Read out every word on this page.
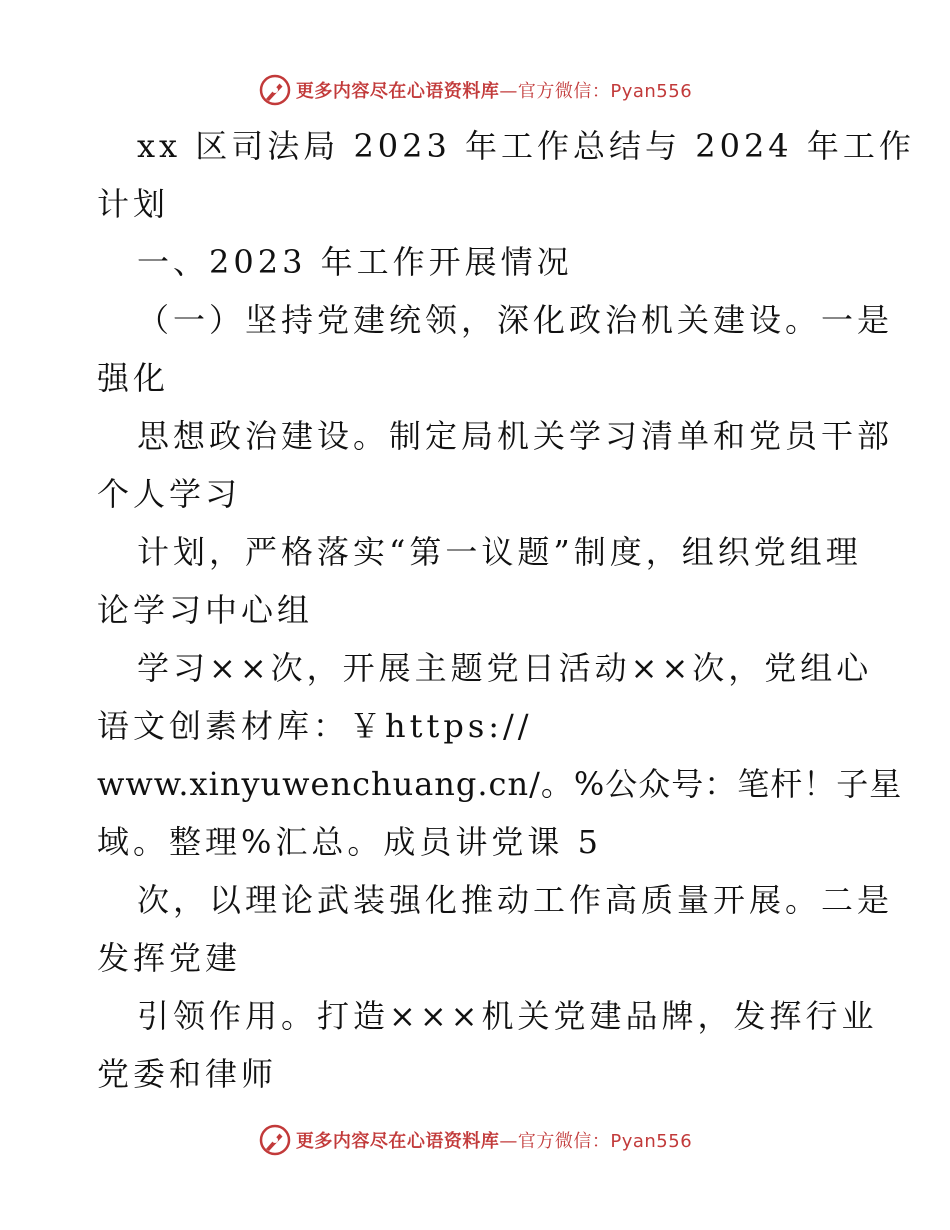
更多内容尽在心语资料库—官方微信：Pyan556
xx 区司法局 2023 年工作总结与 2024 年工作
计划
一、2023 年工作开展情况
（一）坚持党建统领，深化政治机关建设。一是
强化
思想政治建设。制定局机关学习清单和党员干部
个人学习
计划，严格落实“第一议题”制度，组织党组理
论学习中心组
学习××次，开展主题党日活动××次，党组心
语文创素材库：￥https://
www.xinyuwenchuang.cn/。%公众号：笔杆！子星
域。整理%汇总。成员讲党课 5
次，以理论武装强化推动工作高质量开展。二是
发挥党建
引领作用。打造×××机关党建品牌，发挥行业
党委和律师
更多内容尽在心语资料库—官方微信：Pyan556
